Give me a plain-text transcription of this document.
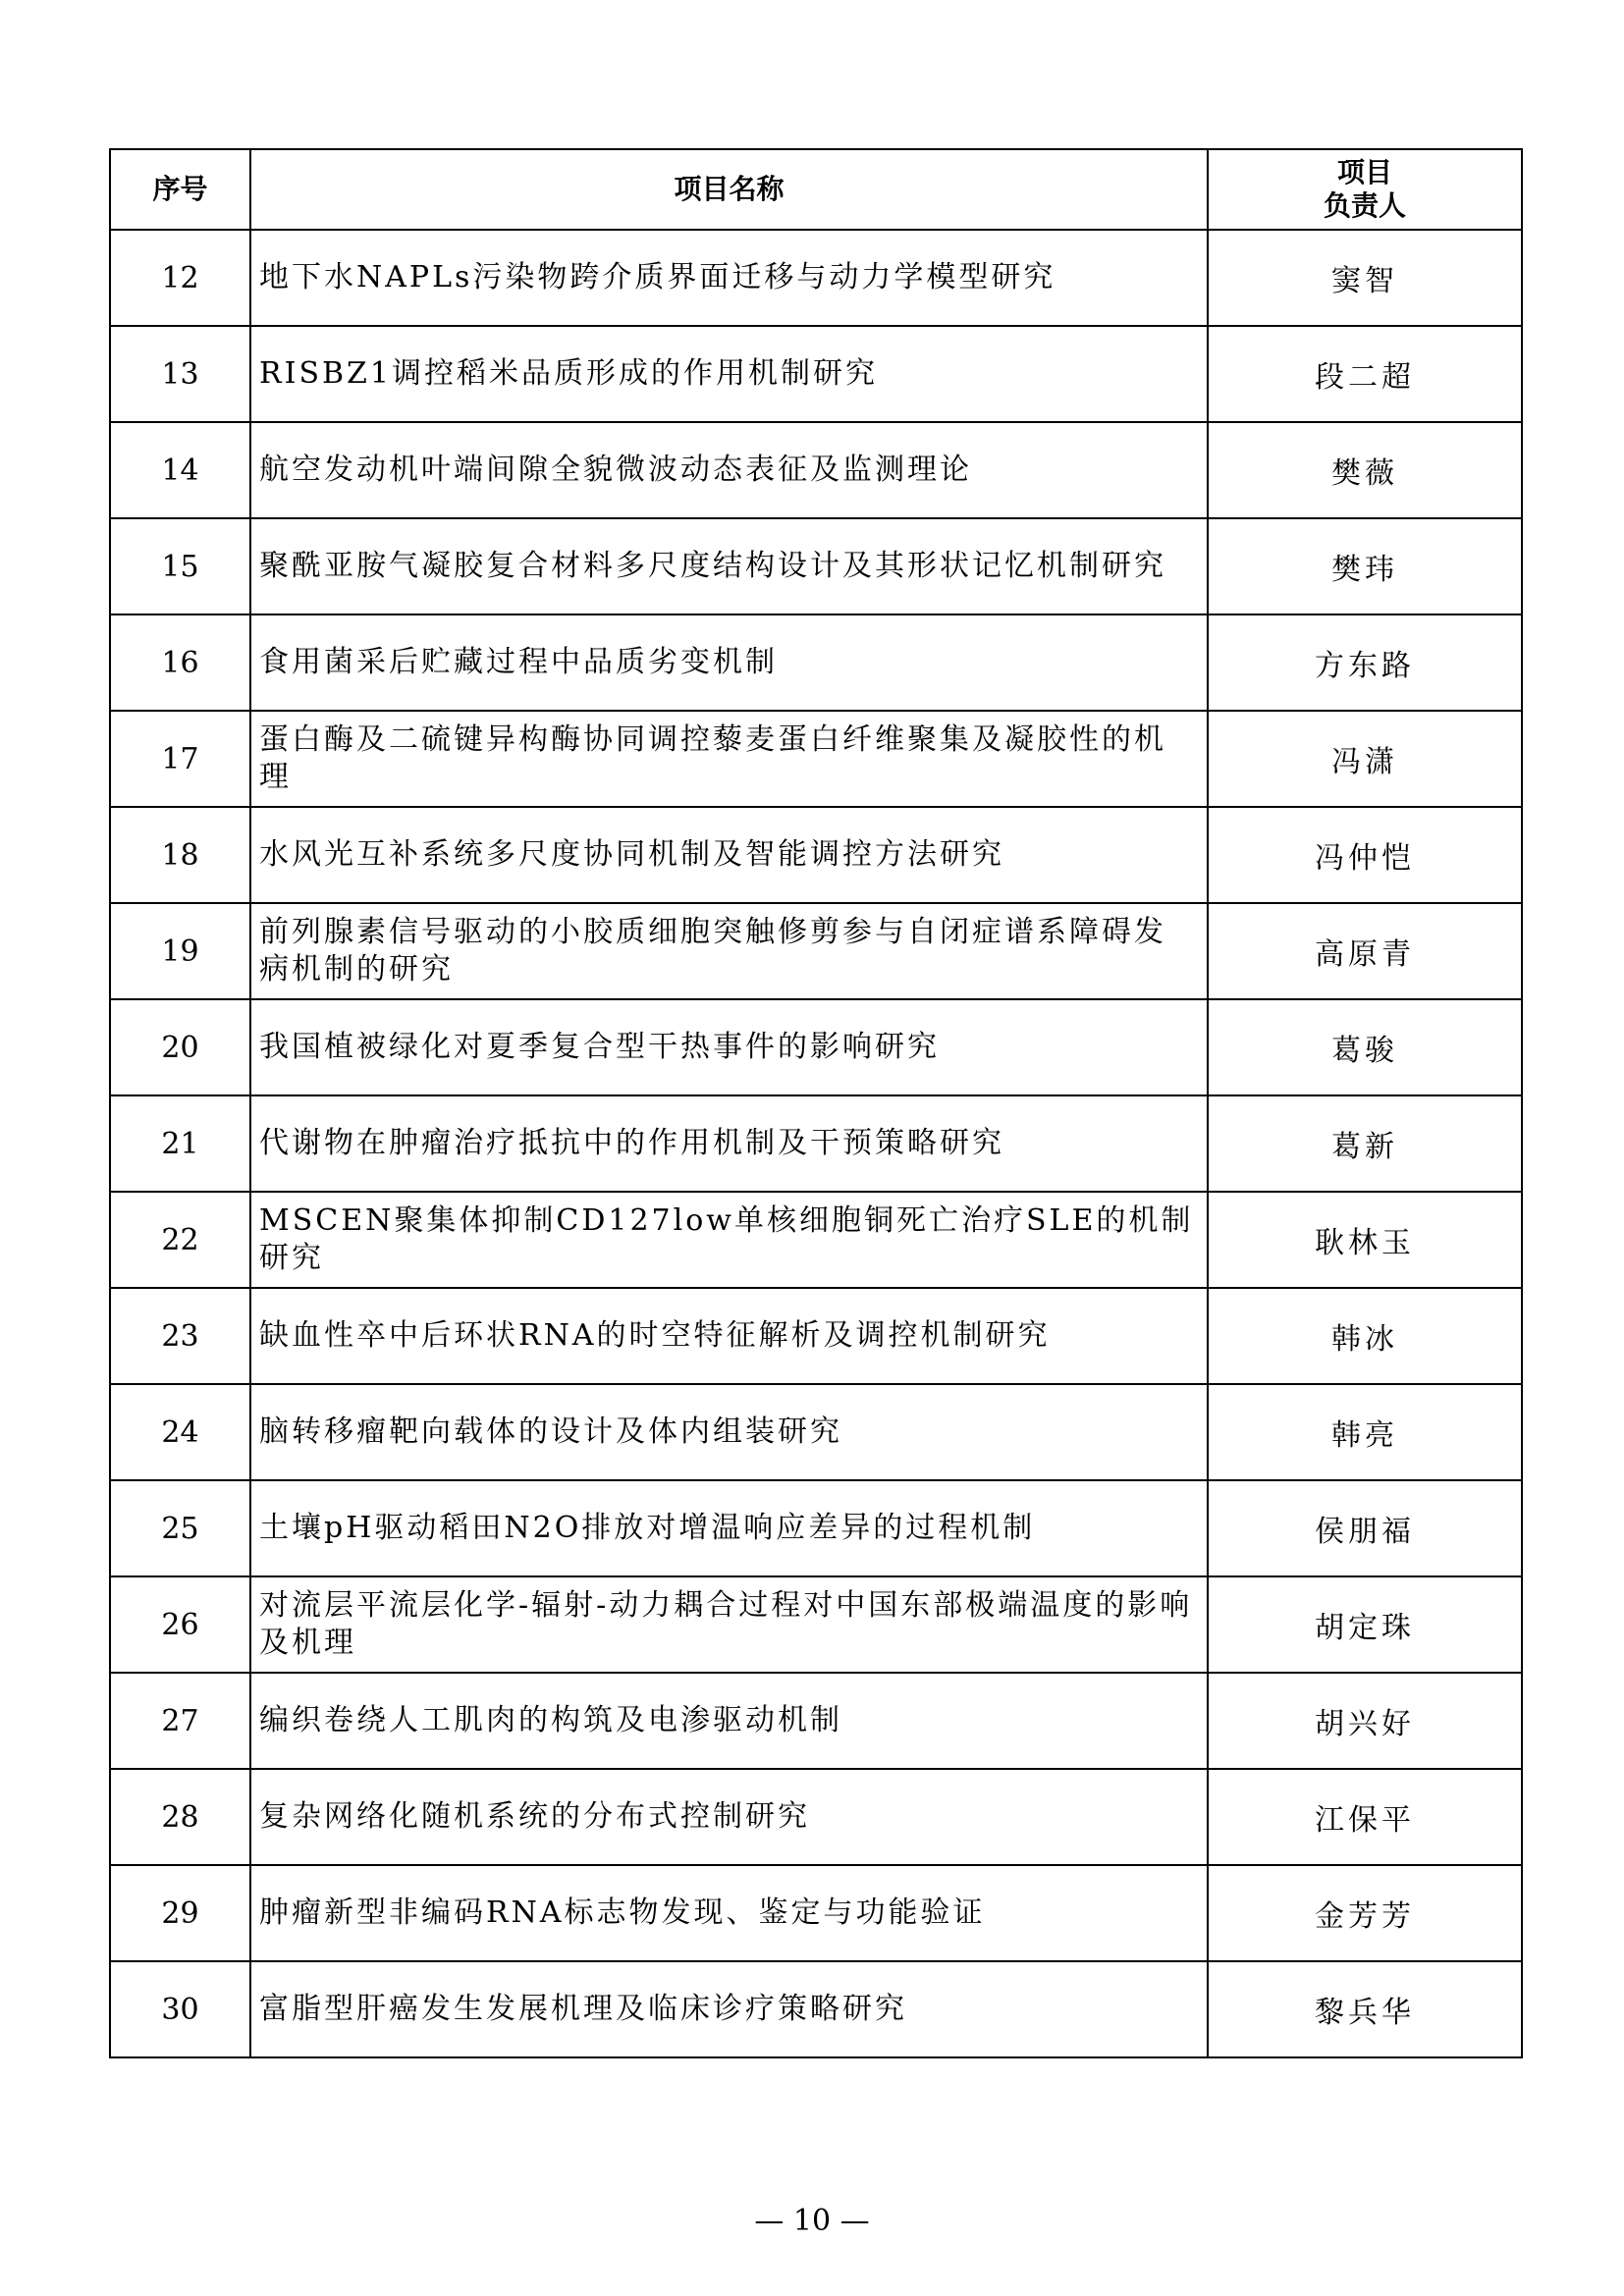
序号	项目名称	项目
负责人

12	地下水NAPLs污染物跨介质界面迁移与动力学模型研究	窦智
13	RISBZ1调控稻米品质形成的作用机制研究	段二超
14	航空发动机叶端间隙全貌微波动态表征及监测理论	樊薇
15	聚酰亚胺气凝胶复合材料多尺度结构设计及其形状记忆机制研究	樊玮
16	食用菌采后贮藏过程中品质劣变机制	方东路
17	蛋白酶及二硫键异构酶协同调控藜麦蛋白纤维聚集及凝胶性的机理	冯潇
18	水风光互补系统多尺度协同机制及智能调控方法研究	冯仲恺
19	前列腺素信号驱动的小胶质细胞突触修剪参与自闭症谱系障碍发病机制的研究	高原青
20	我国植被绿化对夏季复合型干热事件的影响研究	葛骏
21	代谢物在肿瘤治疗抵抗中的作用机制及干预策略研究	葛新
22	MSCEN聚集体抑制CD127low单核细胞铜死亡治疗SLE的机制研究	耿林玉
23	缺血性卒中后环状RNA的时空特征解析及调控机制研究	韩冰
24	脑转移瘤靶向载体的设计及体内组装研究	韩亮
25	土壤pH驱动稻田N2O排放对增温响应差异的过程机制	侯朋福
26	对流层平流层化学-辐射-动力耦合过程对中国东部极端温度的影响及机理	胡定珠
27	编织卷绕人工肌肉的构筑及电渗驱动机制	胡兴好
28	复杂网络化随机系统的分布式控制研究	江保平
29	肿瘤新型非编码RNA标志物发现、鉴定与功能验证	金芳芳
30	富脂型肝癌发生发展机理及临床诊疗策略研究	黎兵华
— 10 —
